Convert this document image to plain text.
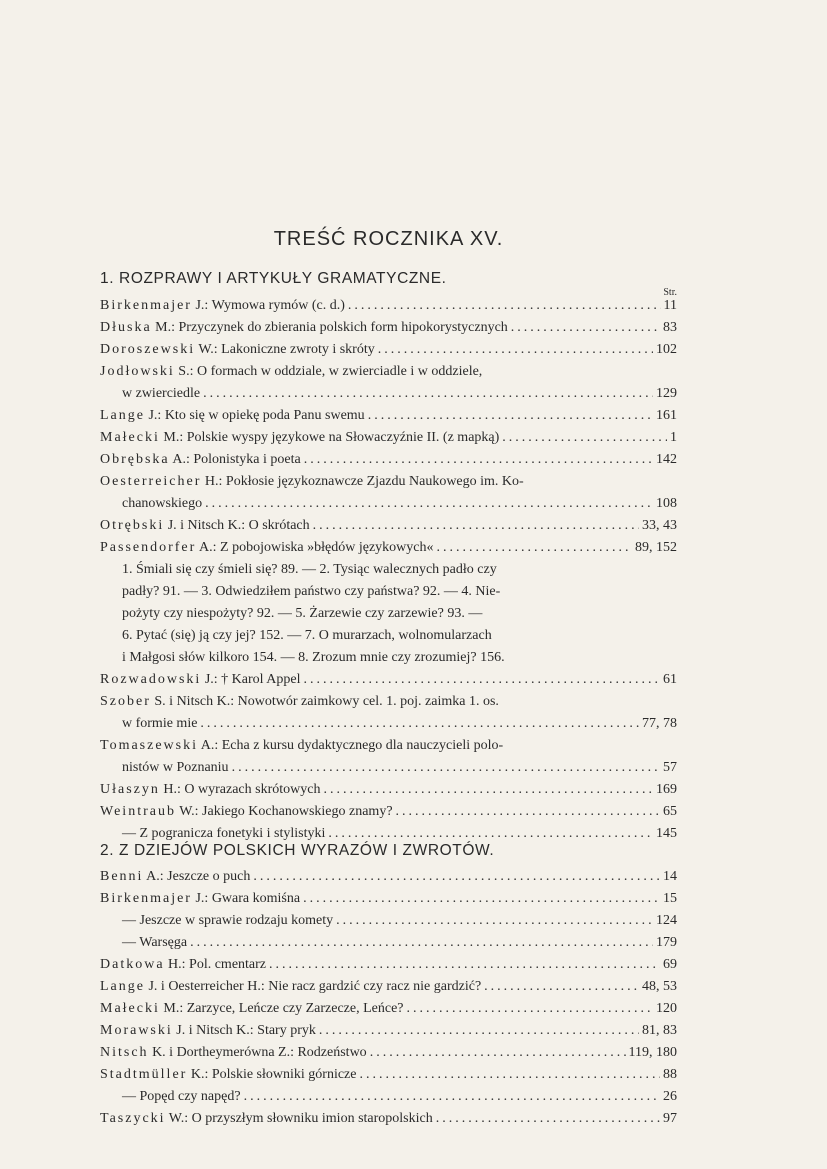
TREŚĆ ROCZNIKA XV.
1. ROZPRAWY I ARTYKUŁY GRAMATYCZNE.
Str.
Birkenmajer J.: Wymowa rymów (c. d.) .....	11
Dłuska M.: Przyczynek do zbierania polskich form hipokorystycznych .....	83
Doroszewski W.: Lakoniczne zwroty i skróty .....	102
Jodłowski S.: O formach w oddziale, w zwierciadle i w oddziele,
w zwierciedle .....	129
Lange J.: Kto się w opiekę poda Panu swemu .....	161
Małecki M.: Polskie wyspy językowe na Słowaczyźnie II. (z mapką) .....	1
Obrębska A.: Polonistyka i poeta .....	142
Oesterreicher H.: Pokłosie językoznawcze Zjazdu Naukowego im. Ko-
chanowskiego .....	108
Otrębski J. i Nitsch K.: O skrótach .....	33, 43
Passendorfer A.: Z pobojowiska »błędów językowych« .....	89, 152
1. Śmiali się czy śmieli się? 89. — 2. Tysiąc walecznych padło czy
padły? 91. — 3. Odwiedziłem państwo czy państwa? 92. — 4. Nie-
pożyty czy niespożyty? 92. — 5. Żarzewie czy zarzewie? 93. —
6. Pytać (się) ją czy jej? 152. — 7. O murarzach, wolnomularzach
i Małgosi słów kilkoro 154. — 8. Zrozum mnie czy zrozumiej? 156.
Rozwadowski J.: † Karol Appel .....	61
Szober S. i Nitsch K.: Nowotwór zaimkowy cel. 1. poj. zaimka 1. os.
w formie mie .....	77, 78
Tomaszewski A.: Echa z kursu dydaktycznego dla nauczycieli polo-
nistów w Poznaniu .....	57
Ułaszyn H.: O wyrazach skrótowych .....	169
Weintraub W.: Jakiego Kochanowskiego znamy? .....	65
— Z pogranicza fonetyki i stylistyki .....	145
2. Z DZIEJÓW POLSKICH WYRAZÓW I ZWROTÓW.
Benni A.: Jeszcze o puch .....	14
Birkenmajer J.: Gwara komiśna .....	15
— Jeszcze w sprawie rodzaju komety .....	124
— Warsęga .....	179
Datkowa H.: Pol. cmentarz .....	69
Lange J. i Oesterreicher H.: Nie racz gardzić czy racz nie gardzić? .....	48, 53
Małecki M.: Zarzyce, Leńcze czy Zarzecze, Leńce? .....	120
Morawski J. i Nitsch K.: Stary pryk .....	81, 83
Nitsch K. i Dortheymerówna Z.: Rodzeństwo .....	119, 180
Stadtmüller K.: Polskie słowniki górnicze .....	88
— Popęd czy napęd? .....	26
Taszycki W.: O przyszłym słowniku imion staropolskich .....	97
